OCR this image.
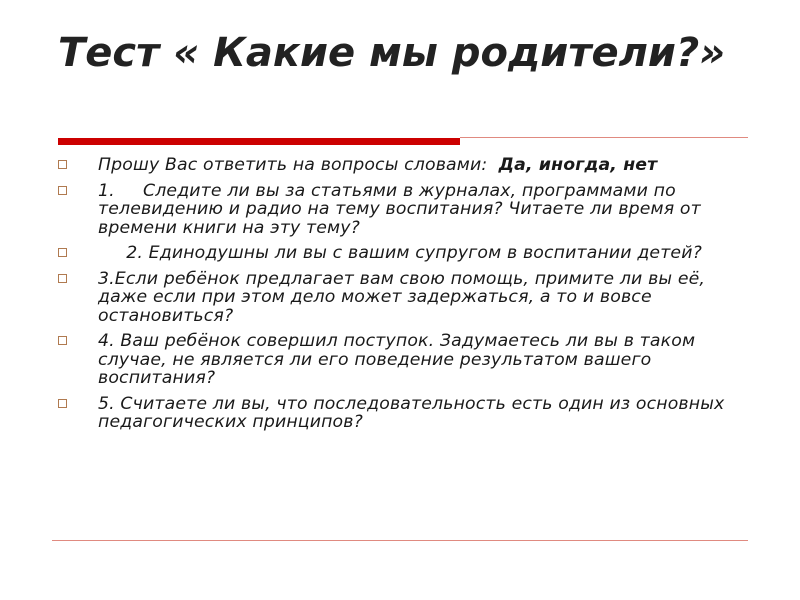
Тест « Какие мы родители?»
Прошу Вас ответить на вопросы словами:  Да, иногда, нет
1.     Следите ли вы за статьями в журналах, программами по телевидению и радио на тему воспитания? Читаете ли время от времени книги на эту тему?
2. Единодушны ли вы с вашим супругом в воспитании детей?
3.Если ребёнок предлагает вам свою помощь, примите ли вы её, даже если при этом дело может задержаться, а то и вовсе остановиться?
4. Ваш ребёнок совершил поступок. Задумаетесь ли вы в таком случае, не является ли его поведение результатом вашего воспитания?
5. Считаете ли вы, что последовательность есть один из основных  педагогических принципов?
